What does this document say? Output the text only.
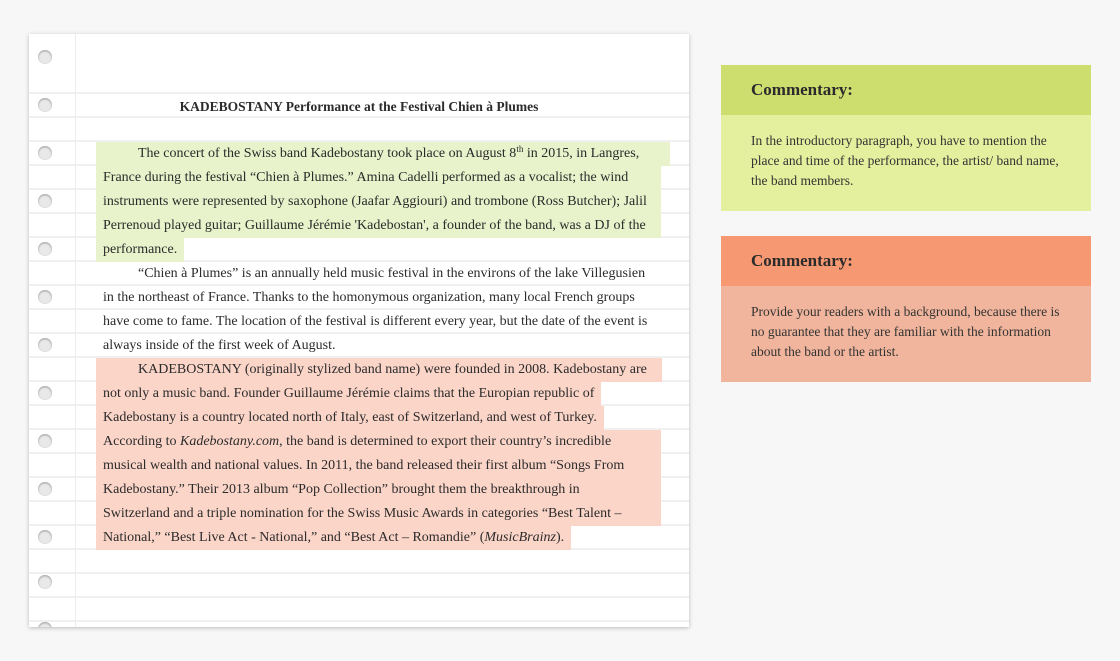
KADEBOSTANY Performance at the Festival Chien à Plumes
The concert of the Swiss band Kadebostany took place on August 8th in 2015, in Langres,
France during the festival “Chien à Plumes.” Amina Cadelli performed as a vocalist; the wind
instruments were represented by saxophone (Jaafar Aggiouri) and trombone (Ross Butcher); Jalil
Perrenoud played guitar; Guillaume Jérémie 'Kadebostan', a founder of the band, was a DJ of the
performance.
“Chien à Plumes” is an annually held music festival in the environs of the lake Villegusien
in the northeast of France. Thanks to the homonymous organization, many local French groups
have come to fame. The location of the festival is different every year, but the date of the event is
always inside of the first week of August.
KADEBOSTANY (originally stylized band name) were founded in 2008. Kadebostany are
not only a music band. Founder Guillaume Jérémie claims that the Europian republic of
Kadebostany is a country located north of Italy, east of Switzerland, and west of Turkey.
According to Kadebostany.com, the band is determined to export their country’s incredible
musical wealth and national values. In 2011, the band released their first album “Songs From
Kadebostany.” Their 2013 album “Pop Collection” brought them the breakthrough in
Switzerland and a triple nomination for the Swiss Music Awards in categories “Best Talent –
National,” “Best Live Act - National,” and “Best Act – Romandie” (MusicBrainz).
Commentary:
In the introductory paragraph, you have to mention the place and time of the performance, the artist/ band name, the band members.
Commentary:
Provide your readers with a background, because there is no guarantee that they are familiar with the information about the band or the artist.
